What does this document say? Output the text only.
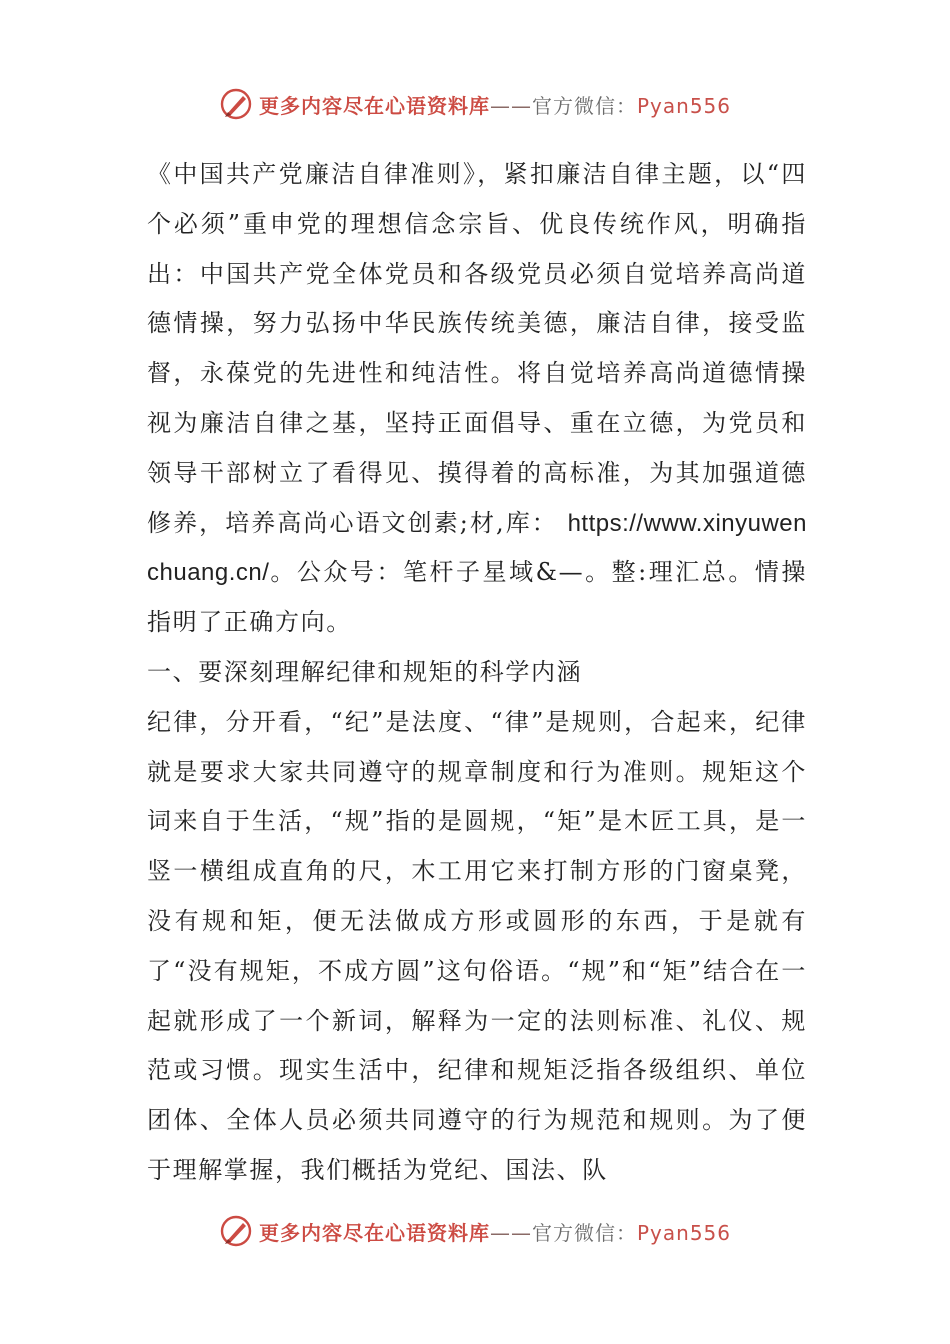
更多内容尽在心语资料库——官方微信：Pyan556

《中国共产党廉洁自律准则》，紧扣廉洁自律主题，以“四个必须”重申党的理想信念宗旨、优良传统作风，明确指出：中国共产党全体党员和各级党员必须自觉培养高尚道德情操，努力弘扬中华民族传统美德，廉洁自律，接受监督，永葆党的先进性和纯洁性。将自觉培养高尚道德情操视为廉洁自律之基，坚持正面倡导、重在立德，为党员和领导干部树立了看得见、摸得着的高标准，为其加强道德修养，培养高尚心语文创素;材,库： https://www.xinyuwenchuang.cn/。公众号：笔杆子星域&—。整:理汇总。情操指明了正确方向。

一、要深刻理解纪律和规矩的科学内涵

纪律，分开看，“纪”是法度、“律”是规则，合起来，纪律就是要求大家共同遵守的规章制度和行为准则。规矩这个词来自于生活，“规”指的是圆规，“矩”是木匠工具，是一竖一横组成直角的尺，木工用它来打制方形的门窗桌凳，没有规和矩，便无法做成方形或圆形的东西，于是就有了“没有规矩，不成方圆”这句俗语。“规”和“矩”结合在一起就形成了一个新词，解释为一定的法则标准、礼仪、规范或习惯。现实生活中，纪律和规矩泛指各级组织、单位团体、全体人员必须共同遵守的行为规范和规则。为了便于理解掌握，我们概括为党纪、国法、队

更多内容尽在心语资料库——官方微信：Pyan556
